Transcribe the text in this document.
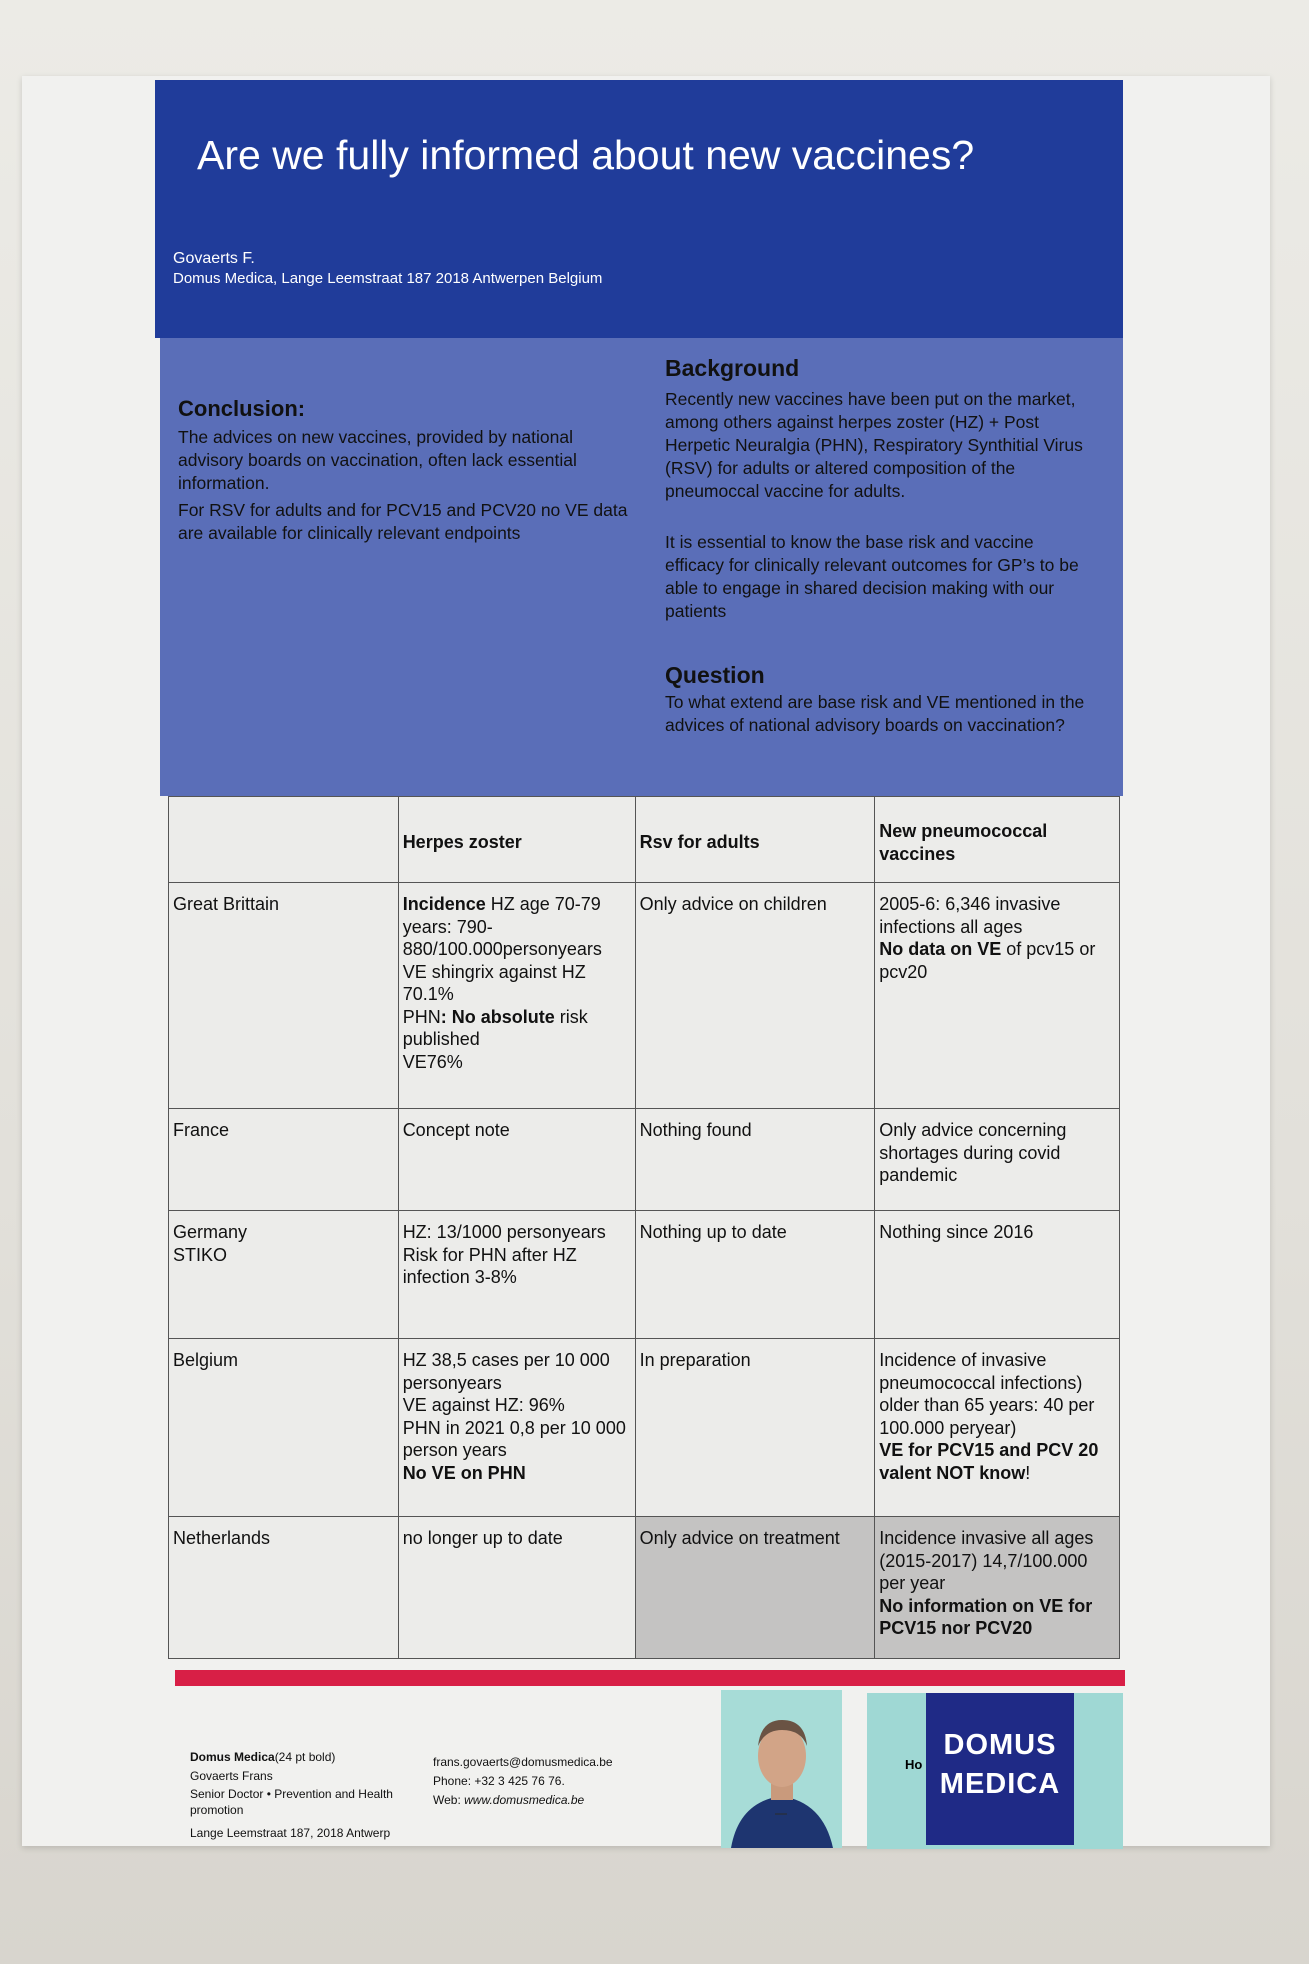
Are we fully informed about new vaccines?
Govaerts F.
Domus Medica, Lange Leemstraat 187 2018 Antwerpen Belgium
Conclusion:
The advices on new vaccines, provided by national advisory boards on vaccination, often lack essential information.
For RSV for adults and for PCV15 and PCV20 no VE data are available for clinically relevant endpoints
Background
Recently new vaccines have been put on the market, among others against herpes zoster (HZ) + Post Herpetic Neuralgia (PHN), Respiratory Synthitial Virus (RSV) for adults or altered composition of the pneumoccal vaccine for adults.
It is essential to know the base risk and vaccine efficacy for clinically relevant outcomes for GP’s to be able to engage in shared decision making with our patients
Question
To what extend are base risk and VE mentioned in the advices of national advisory boards on vaccination?
	Herpes zoster	Rsv for adults	New pneumococcal vaccines

Great Brittain	Incidence HZ age 70-79 years: 790-880/100.000personyears
VE shingrix against HZ 70.1%
PHN: No absolute risk published
VE76%	Only advice on children	2005-6: 6,346 invasive infections all ages
No data on VE of pcv15 or pcv20

France	Concept note	Nothing found	Only advice concerning shortages during covid pandemic

Germany
STIKO	HZ: 13/1000 personyears
Risk for PHN after HZ infection 3-8%	Nothing up to date	Nothing since 2016

Belgium	HZ 38,5 cases per 10 000 personyears
VE against HZ: 96%
PHN in 2021 0,8 per 10 000 person years
No VE on PHN	In preparation	Incidence of invasive pneumococcal infections) older than 65 years: 40 per 100.000 peryear)
VE for PCV15 and PCV 20 valent NOT know!

Netherlands	no longer up to date	Only advice on treatment	Incidence invasive all ages (2015-2017) 14,7/100.000 per year
No information on VE for PCV15 nor PCV20
Domus Medica(24 pt bold)
Govaerts Frans
Senior Doctor • Prevention and Health promotion
Lange Leemstraat 187, 2018 Antwerp
frans.govaerts@domusmedica.be
Phone: +32 3 425 76 76.
Web: www.domusmedica.be
Ho
DOMUS
MEDICA
